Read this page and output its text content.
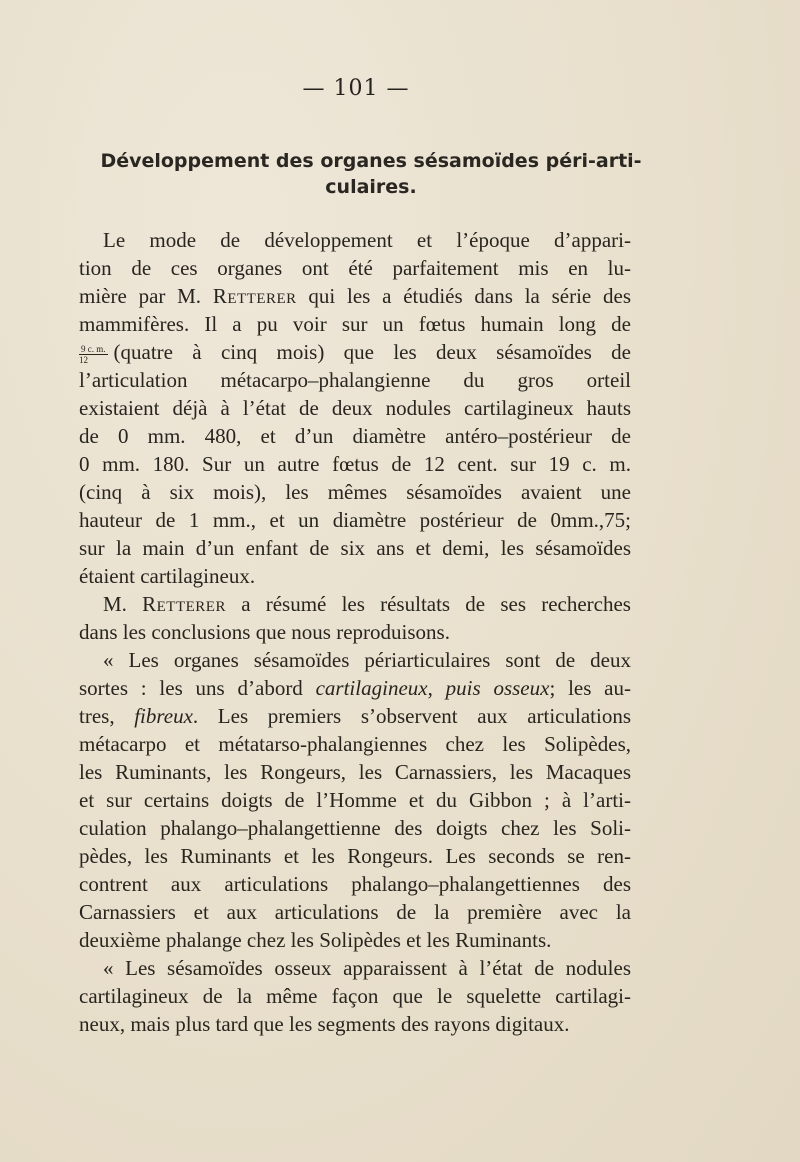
— 101 —
Développement des organes sésamoïdes péri-arti-
culaires.
Le mode de développement et l’époque d’appari-
tion de ces organes ont été parfaitement mis en lu-
mière par M. Retterer qui les a étudiés dans la série des
mammifères. Il a pu voir sur un fœtus humain long de
$\frac{9 c. m.}{12}$ (quatre à cinq mois) que les deux sésamoïdes de
l’articulation métacarpo–phalangienne du gros orteil
existaient déjà à l’état de deux nodules cartilagineux hauts
de 0 mm. 480, et d’un diamètre antéro–postérieur de
0 mm. 180. Sur un autre fœtus de 12 cent. sur 19 c. m.
(cinq à six mois), les mêmes sésamoïdes avaient une
hauteur de 1 mm., et un diamètre postérieur de 0mm.,75;
sur la main d’un enfant de six ans et demi, les sésamoïdes
étaient cartilagineux.
M. Retterer a résumé les résultats de ses recherches
dans les conclusions que nous reproduisons.
« Les organes sésamoïdes périarticulaires sont de deux
sortes : les uns d’abord cartilagineux, puis osseux; les au-
tres, fibreux. Les premiers s’observent aux articulations
métacarpo et métatarso-phalangiennes chez les Solipèdes,
les Ruminants, les Rongeurs, les Carnassiers, les Macaques
et sur certains doigts de l’Homme et du Gibbon ; à l’arti-
culation phalango–phalangettienne des doigts chez les Soli-
pèdes, les Ruminants et les Rongeurs. Les seconds se ren-
contrent aux articulations phalango–phalangettiennes des
Carnassiers et aux articulations de la première avec la
deuxième phalange chez les Solipèdes et les Ruminants.
« Les sésamoïdes osseux apparaissent à l’état de nodules
cartilagineux de la même façon que le squelette cartilagi-
neux, mais plus tard que les segments des rayons digitaux.
